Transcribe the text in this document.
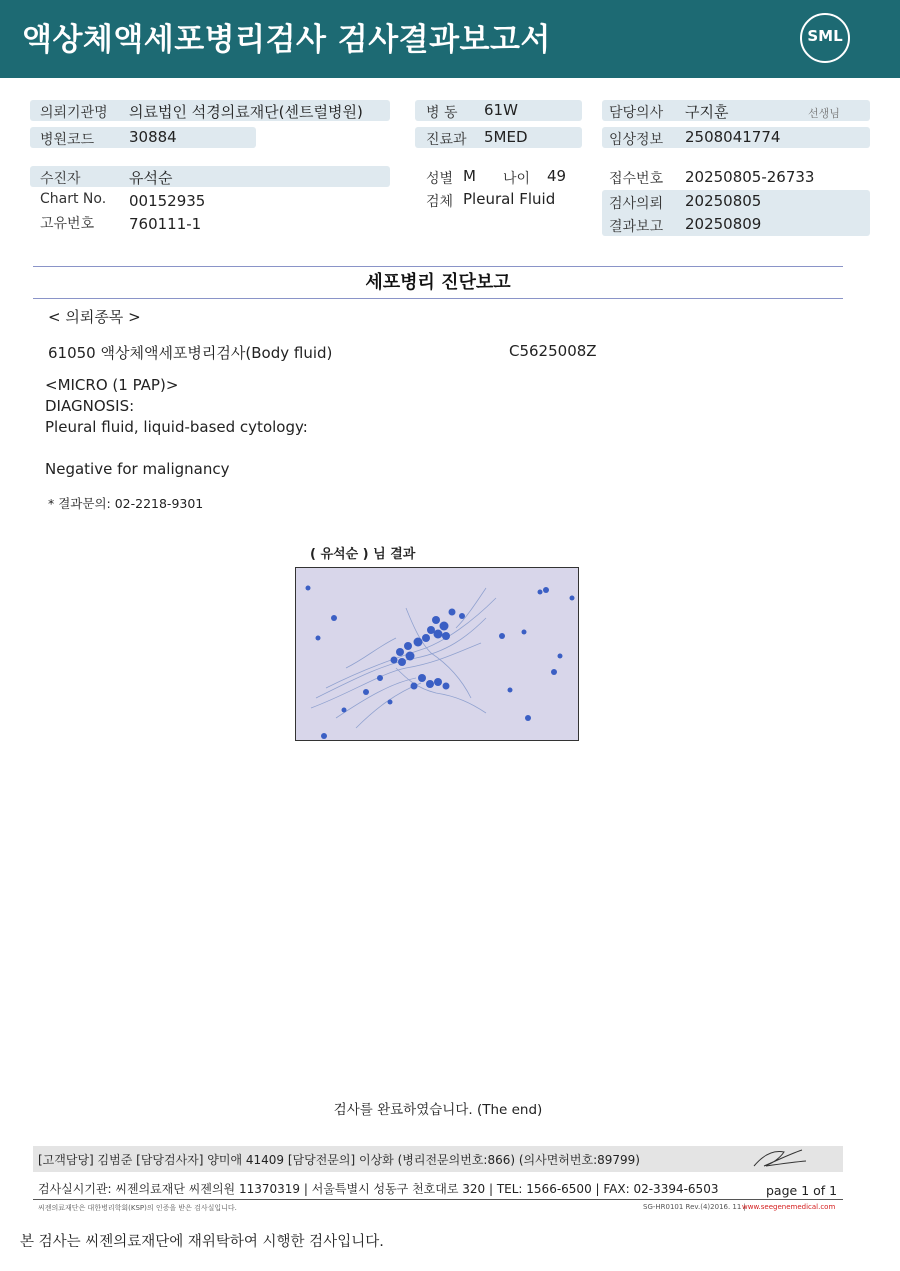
액상체액세포병리검사 검사결과보고서	SML
의뢰기관명 의료법인 석경의료재단(센트럴병원)
병원코드 30884
수진자	유석순
Chart No. 00152935
고유번호 760111-1
병 동 61W
진료과 5MED
성별 M 나이 49
검체 Pleural Fluid
담당의사 구지훈	선생님
임상정보 2508041774
접수번호 20250805-26733
검사의뢰 20250805
결과보고 20250809
세포병리 진단보고
< 의뢰종목 >
61050 액상체액세포병리검사(Body fluid)	C5625008Z
<MICRO (1 PAP)>
DIAGNOSIS:
Pleural fluid, liquid-based cytology:
Negative for malignancy
* 결과문의: 02-2218-9301
( 유석순 ) 님 결과
검사를 완료하였습니다. (The end)
[고객담당] 김범준 [담당검사자] 양미애 41409 [담당전문의] 이상화 (병리전문의번호:866) (의사면허번호:89799)
검사실시기관: 씨젠의료재단 씨젠의원 11370319 | 서울특별시 성동구 천호대로 320 | TEL: 1566-6500 | FAX: 02-3394-6503	page 1 of 1
씨젠의료재단은 대한병리학회(KSP)의 인증을 받은 검사실입니다.	SG-HR0101 Rev.(4)2016. 11 |
www.seegenemedical.com
본 검사는 씨젠의료재단에 재위탁하여 시행한 검사입니다.
